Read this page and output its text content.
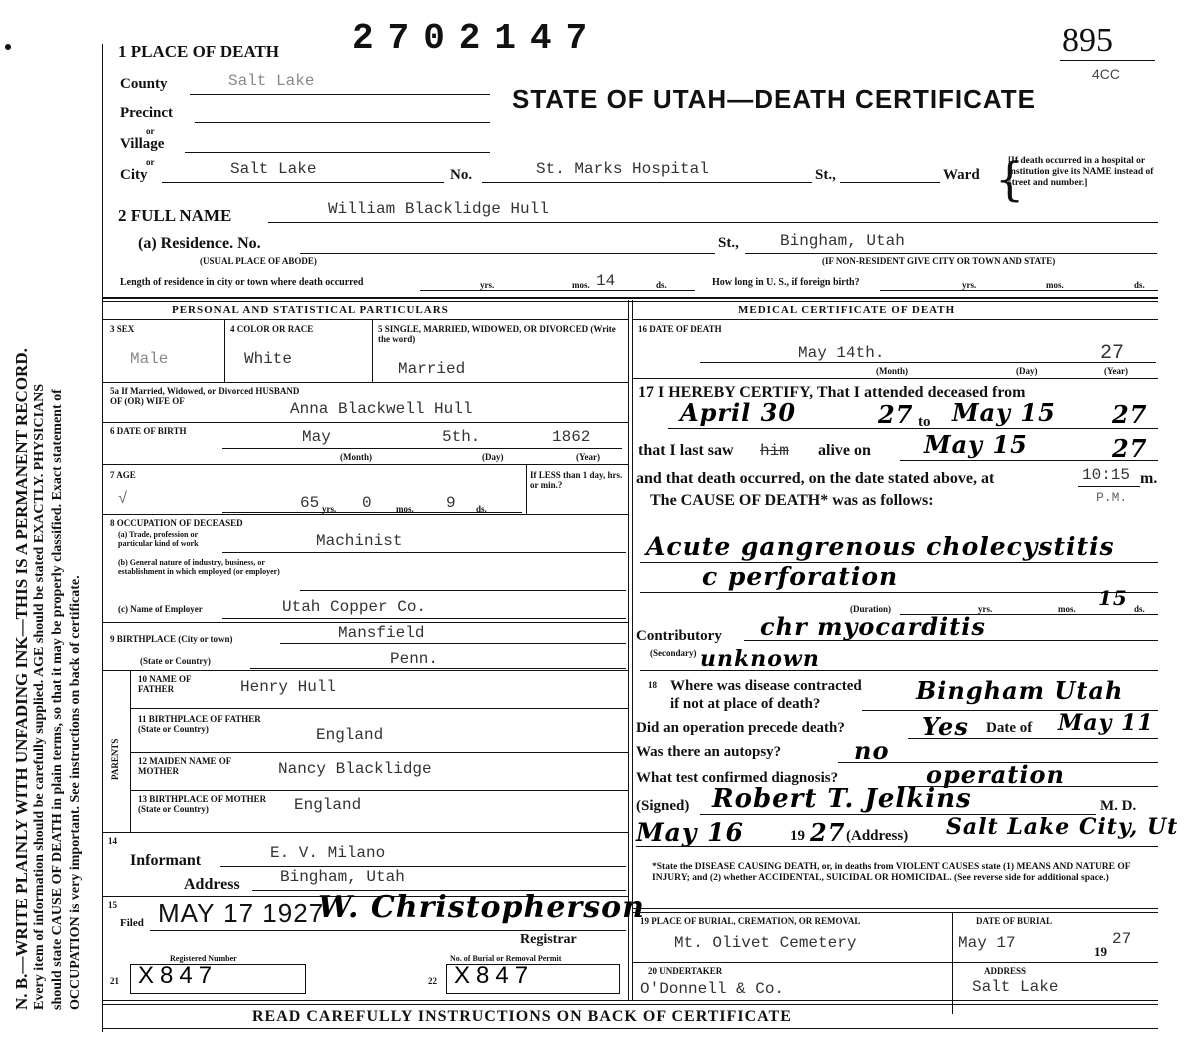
N. B.—WRITE PLAINLY WITH UNFADING INK—THIS IS A PERMANENT RECORD. Every item of information should be carefully supplied. AGE should be stated EXACTLY. PHYSICIANS should state CAUSE OF DEATH in plain terms, so that it may be properly classified. Exact statement of OCCUPATION is very important. See instructions on back of certificate.
1 PLACE OF DEATH 2702147	895
4CC
STATE OF UTAH—DEATH CERTIFICATE
County	Salt Lake
Precinct
or
Village
or
City	Salt Lake	No.	St. Marks Hospital	St.,	Ward {
[If death occurred in a hospital or institution give its NAME instead of street and number.]
2 FULL NAME	William Blacklidge Hull
(a) Residence. No.
(USUAL PLACE OF ABODE)
St.,	Bingham, Utah
(IF NON-RESIDENT GIVE CITY OR TOWN AND STATE)
Length of residence in city or town where death occurred	yrs.	mos. 14	ds.	How long in U. S., if foreign birth?	yrs.	mos.	ds.
PERSONAL AND STATISTICAL PARTICULARS	MEDICAL CERTIFICATE OF DEATH
3 SEX
Male
4 COLOR OR RACE
White
5 SINGLE, MARRIED, WIDOWED, OR DIVORCED (Write the word)
Married
5a If Married, Widowed, or Divorced HUSBAND OF (OR) WIFE OF	Anna Blackwell Hull
6 DATE OF BIRTH	May	5th.	1862
(Month)	(Day)	(Year)
7 AGE
√	65 yrs. 0	mos. 9 ds.
If LESS than 1 day, hrs. or min.?
8 OCCUPATION OF DECEASED
(a) Trade, profession or particular kind of work	Machinist
(b) General nature of industry, business, or establishment in which employed (or employer)
(c) Name of Employer	Utah Copper Co.
9 BIRTHPLACE (City or town)	Mansfield
(State or Country)	Penn.
PARENTS
10 NAME OF FATHER	Henry Hull
11 BIRTHPLACE OF FATHER (State or Country)	England
12 MAIDEN NAME OF MOTHER	Nancy Blacklidge
13 BIRTHPLACE OF MOTHER (State or Country)	England
14
Informant	E. V. Milano
Address	Bingham, Utah
15
Filed MAY 17 1927
W. Christopherson
Registrar
Registered Number	No. of Burial or Removal Permit
21 X847	22 X847
16 DATE OF DEATH
May 14th.	27
(Month)	(Day)	(Year)
17 I HEREBY CERTIFY, That I attended deceased from
April 30	27 to May 15 27
that I last saw him alive on May 15	27
and that death occurred, on the date stated above, at	10:15 m.
The CAUSE OF DEATH* was as follows:	P.M.
Acute gangrenous cholecystitis
c perforation
(Duration)	yrs.	mos. 15 ds.
Contributory chr myocarditis
(Secondary) unknown
18 Where was disease contracted
if not at place of death?	Bingham Utah
Did an operation precede death?	Yes Date of May 11
Was there an autopsy?	no
What test confirmed diagnosis?	operation
(Signed) Robert T. Jelkins	M. D.
May 16	19 27 (Address) Salt Lake City, Ut
*State the DISEASE CAUSING DEATH, or, in deaths from VIOLENT CAUSES state (1) MEANS AND NATURE OF INJURY; and (2) whether ACCIDENTAL, SUICIDAL OR HOMICIDAL. (See reverse side for additional space.)
19 PLACE OF BURIAL, CREMATION, OR REMOVAL
Mt. Olivet Cemetery
DATE OF BURIAL
May 17	19
27
20 UNDERTAKER
O'Donnell & Co.
ADDRESS
Salt Lake
READ CAREFULLY INSTRUCTIONS ON BACK OF CERTIFICATE
